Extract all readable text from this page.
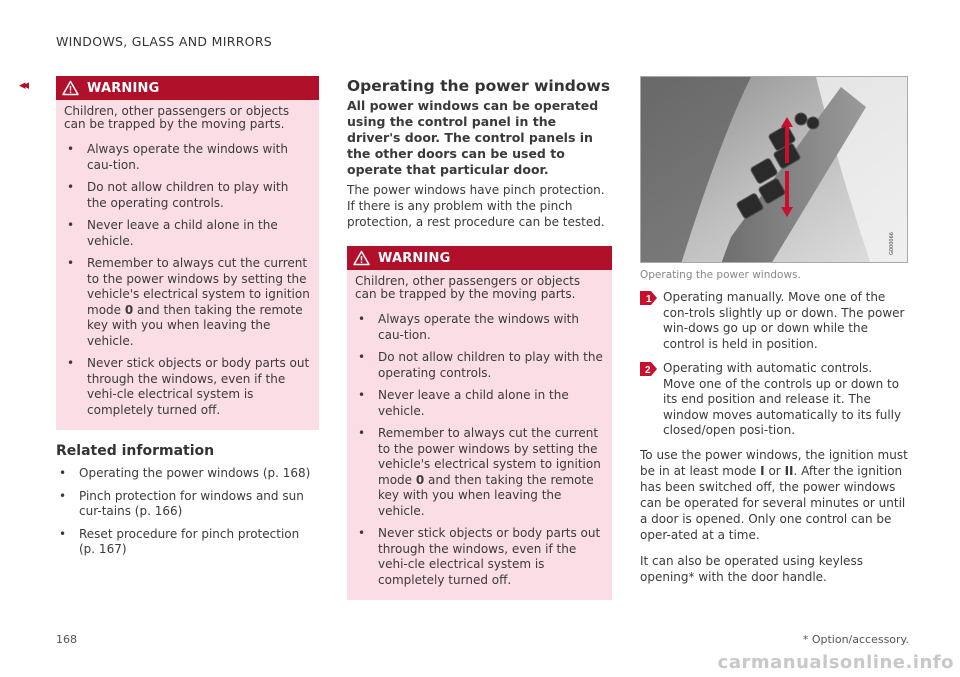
WINDOWS, GLASS AND MIRRORS
◂◂	WARNING
Children, other passengers or objects can be trapped by the moving parts.
• Always operate the windows with cau-tion.
• Do not allow children to play with the operating controls.
• Never leave a child alone in the vehicle.
• Remember to always cut the current to the power windows by setting the vehicle's electrical system to ignition mode 0 and then taking the remote key with you when leaving the vehicle.
• Never stick objects or body parts out through the windows, even if the vehi-cle electrical system is completely turned off.
Related information
• Operating the power windows (p. 168)
• Pinch protection for windows and sun cur-tains (p. 166)
• Reset procedure for pinch protection (p. 167)
Operating the power windows
All power windows can be operated using the control panel in the driver's door. The control panels in the other doors can be used to operate that particular door.
The power windows have pinch protection. If there is any problem with the pinch protection, a rest procedure can be tested.
WARNING
Children, other passengers or objects can be trapped by the moving parts.
• Always operate the windows with cau-tion.
• Do not allow children to play with the operating controls.
• Never leave a child alone in the vehicle.
• Remember to always cut the current to the power windows by setting the vehicle's electrical system to ignition mode 0 and then taking the remote key with you when leaving the vehicle.
• Never stick objects or body parts out through the windows, even if the vehi-cle electrical system is completely turned off.
G000066
Operating the power windows.
1 Operating manually. Move one of the con-trols slightly up or down. The power win-dows go up or down while the control is held in position.
2 Operating with automatic controls. Move one of the controls up or down to its end position and release it. The window moves automatically to its fully closed/open posi-tion.
To use the power windows, the ignition must be in at least mode I or II. After the ignition has been switched off, the power windows can be operated for several minutes or until a door is opened. Only one control can be oper-ated at a time.
It can also be operated using keyless opening* with the door handle.
168	* Option/accessory.
carmanualsonline.info
